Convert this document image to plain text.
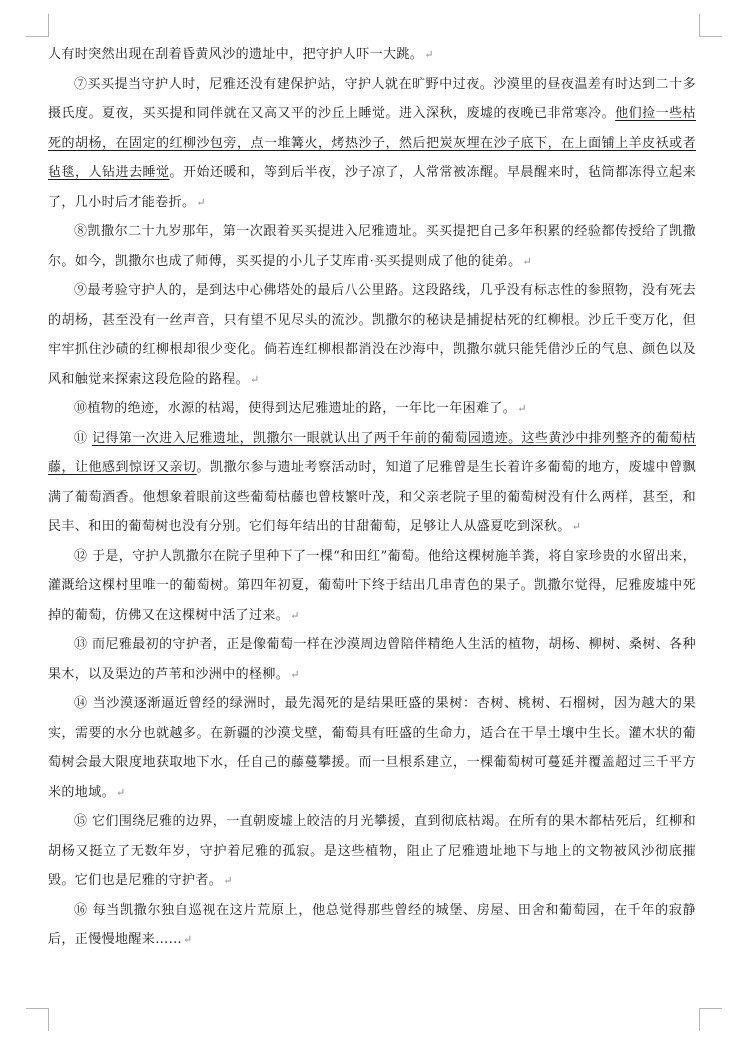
人有时突然出现在刮着昏黄风沙的遗址中，把守护人吓一大跳。↵

⑦买买提当守护人时，尼雅还没有建保护站，守护人就在旷野中过夜。沙漠里的昼夜温差有时达到二十多摄氏度。夏夜，买买提和同伴就在又高又平的沙丘上睡觉。进入深秋，废墟的夜晚已非常寒冷。他们捡一些枯死的胡杨，在固定的红柳沙包旁，点一堆篝火，烤热沙子，然后把炭灰埋在沙子底下，在上面铺上羊皮袄或者毡毯，人钻进去睡觉。开始还暖和，等到后半夜，沙子凉了，人常常被冻醒。早晨醒来时，毡筒都冻得立起来了，几小时后才能卷折。↵

⑧凯撒尔二十九岁那年，第一次跟着买买提进入尼雅遗址。买买提把自己多年积累的经验都传授给了凯撒尔。如今，凯撒尔也成了师傅，买买提的小儿子艾库甫·买买提则成了他的徒弟。↵

⑨最考验守护人的，是到达中心佛塔处的最后八公里路。这段路线，几乎没有标志性的参照物，没有死去的胡杨，甚至没有一丝声音，只有望不见尽头的流沙。凯撒尔的秘诀是捕捉枯死的红柳根。沙丘千变万化，但牢牢抓住沙碛的红柳根却很少变化。倘若连红柳根都消没在沙海中，凯撒尔就只能凭借沙丘的气息、颜色以及风和触觉来探索这段危险的路程。↵

⑩植物的绝迹，水源的枯竭，使得到达尼雅遗址的路，一年比一年困难了。↵

⑪ 记得第一次进入尼雅遗址，凯撒尔一眼就认出了两千年前的葡萄园遗迹。这些黄沙中排列整齐的葡萄枯藤，让他感到惊讶又亲切。凯撒尔参与遗址考察活动时，知道了尼雅曾是生长着许多葡萄的地方，废墟中曾飘满了葡萄酒香。他想象着眼前这些葡萄枯藤也曾枝繁叶茂，和父亲老院子里的葡萄树没有什么两样，甚至，和民丰、和田的葡萄树也没有分别。它们每年结出的甘甜葡萄，足够让人从盛夏吃到深秋。↵

⑫ 于是，守护人凯撒尔在院子里种下了一棵“和田红”葡萄。他给这棵树施羊粪，将自家珍贵的水留出来，灌溉给这棵村里唯一的葡萄树。第四年初夏，葡萄叶下终于结出几串青色的果子。凯撒尔觉得，尼雅废墟中死掉的葡萄，仿佛又在这棵树中活了过来。↵

⑬ 而尼雅最初的守护者，正是像葡萄一样在沙漠周边曾陪伴精绝人生活的植物，胡杨、柳树、桑树、各种果木，以及渠边的芦苇和沙洲中的柽柳。↵

⑭ 当沙漠逐渐逼近曾经的绿洲时，最先渴死的是结果旺盛的果树：杏树、桃树、石榴树，因为越大的果实，需要的水分也就越多。在新疆的沙漠戈壁，葡萄具有旺盛的生命力，适合在干旱土壤中生长。灌木状的葡萄树会最大限度地获取地下水，任自己的藤蔓攀援。而一旦根系建立，一棵葡萄树可蔓延并覆盖超过三千平方米的地域。↵

⑮ 它们围绕尼雅的边界，一直朝废墟上皎洁的月光攀援，直到彻底枯竭。在所有的果木都枯死后，红柳和胡杨又挺立了无数年岁，守护着尼雅的孤寂。是这些植物，阻止了尼雅遗址地下与地上的文物被风沙彻底摧毁。它们也是尼雅的守护者。↵

⑯ 每当凯撒尔独自巡视在这片荒原上，他总觉得那些曾经的城堡、房屋、田舍和葡萄园，在千年的寂静后，正慢慢地醒来……↵
